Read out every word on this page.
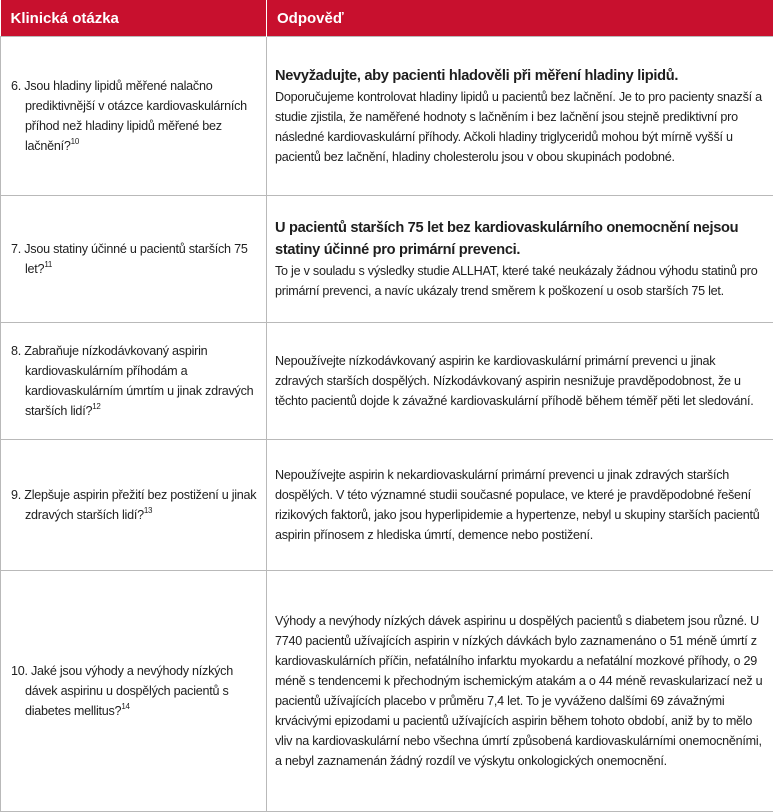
Klinická otázka	Odpověď

6. Jsou hladiny lipidů měřené nalačno prediktivnější v otázce kardiovaskulárních příhod než hladiny lipidů měřené bez lačnění?$^{10}$	Nevyžadujte, aby pacienti hladověli při měření hladiny lipidů.
Doporučujeme kontrolovat hladiny lipidů u pacientů bez lačnění. Je to pro pacienty snazší a studie zjistila, že naměřené hodnoty s lačněním i bez lačnění jsou stejně prediktivní pro následné kardiovaskulární příhody. Ačkoli hladiny triglyceridů mohou být mírně vyšší u pacientů bez lačnění, hladiny cholesterolu jsou v obou skupinách podobné.

7. Jsou statiny účinné u pacientů starších 75 let?$^{11}$	U pacientů starších 75 let bez kardiovaskulárního onemocnění nejsou statiny účinné pro primární prevenci.
To je v souladu s výsledky studie ALLHAT, které také neukázaly žádnou výhodu statinů pro primární prevenci, a navíc ukázaly trend směrem k poškození u osob starších 75 let.

8. Zabraňuje nízkodávkovaný aspirin kardiovaskulárním příhodám a kardiovaskulárním úmrtím u jinak zdravých starších lidí?$^{12}$	Nepoužívejte nízkodávkovaný aspirin ke kardiovaskulární primární prevenci u jinak zdravých starších dospělých. Nízkodávkovaný aspirin nesnižuje pravděpodobnost, že u těchto pacientů dojde k závažné kardiovaskulární příhodě během téměř pěti let sledování.

9. Zlepšuje aspirin přežití bez postižení u jinak zdravých starších lidí?$^{13}$	Nepoužívejte aspirin k nekardiovaskulární primární prevenci u jinak zdravých starších dospělých. V této významné studii současné populace, ve které je pravděpodobné řešení rizikových faktorů, jako jsou hyperlipidemie a hypertenze, nebyl u skupiny starších pacientů aspirin přínosem z hlediska úmrtí, demence nebo postižení.

10. Jaké jsou výhody a nevýhody nízkých dávek aspirinu u dospělých pacientů s diabetes mellitus?$^{14}$	Výhody a nevýhody nízkých dávek aspirinu u dospělých pacientů s diabetem jsou různé. U 7740 pacientů užívajících aspirin v nízkých dávkách bylo zaznamenáno o 51 méně úmrtí z kardiovaskulárních příčin, nefatálního infarktu myokardu a nefatální mozkové příhody, o 29 méně s tendencemi k přechodným ischemickým atakám a o 44 méně revaskularizací než u pacientů užívajících placebo v průměru 7,4 let. To je vyváženo dalšími 69 závažnými krvácivými epizodami u pacientů užívajících aspirin během tohoto období, aniž by to mělo vliv na kardiovaskulární nebo všechna úmrtí způsobená kardiovaskulárními onemocněními, a nebyl zaznamenán žádný rozdíl ve výskytu onkologických onemocnění.
